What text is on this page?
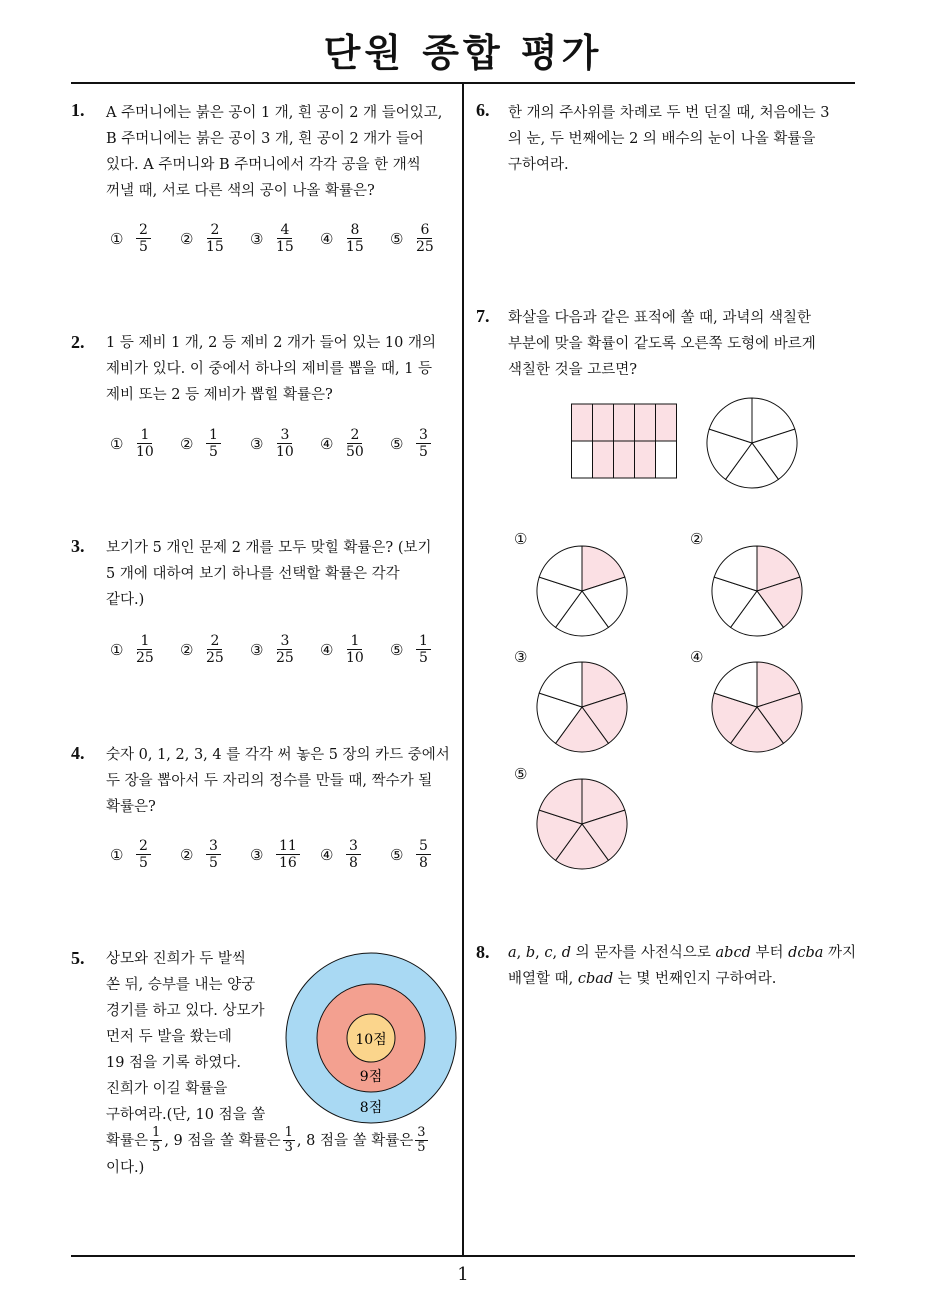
단원 종합 평가
1
1. A 주머니에는 붉은 공이 1 개, 흰 공이 2 개 들어있고,
B 주머니에는 붉은 공이 3 개, 흰 공이 2 개가 들어
있다. A 주머니와 B 주머니에서 각각 공을 한 개씩
꺼낼 때, 서로 다른 색의 공이 나올 확률은?
① $\frac{2}{5}$ ② $\frac{2}{15}$ ③ $\frac{4}{15}$ ④ $\frac{8}{15}$ ⑤ $\frac{6}{25}$
2. 1 등 제비 1 개, 2 등 제비 2 개가 들어 있는 10 개의
제비가 있다. 이 중에서 하나의 제비를 뽑을 때, 1 등
제비 또는 2 등 제비가 뽑힐 확률은?
① $\frac{1}{10}$ ② $\frac{1}{5}$ ③ $\frac{3}{10}$ ④ $\frac{2}{50}$ ⑤ $\frac{3}{5}$
3. 보기가 5 개인 문제 2 개를 모두 맞힐 확률은? (보기
5 개에 대하여 보기 하나를 선택할 확률은 각각
같다.)
① $\frac{1}{25}$ ② $\frac{2}{25}$ ③ $\frac{3}{25}$ ④ $\frac{1}{10}$ ⑤ $\frac{1}{5}$
4. 숫자 0, 1, 2, 3, 4 를 각각 써 놓은 5 장의 카드 중에서
두 장을 뽑아서 두 자리의 정수를 만들 때, 짝수가 될
확률은?
① $\frac{2}{5}$ ② $\frac{3}{5}$ ③ $\frac{11}{16}$ ④ $\frac{3}{8}$ ⑤ $\frac{5}{8}$
5. 상모와 진희가 두 발씩
쏜 뒤, 승부를 내는 양궁
경기를 하고 있다. 상모가
먼저 두 발을 쐈는데
19 점을 기록 하였다.
진희가 이길 확률을
구하여라.(단, 10 점을 쏠
확률은 $\frac{1}{5}$ , 9 점을 쏠 확률은 $\frac{1}{3}$ , 8 점을 쏠 확률은 $\frac{3}{5}$
이다.)
10점
9점
8점
6. 한 개의 주사위를 차례로 두 번 던질 때, 처음에는 3
의 눈, 두 번째에는 2 의 배수의 눈이 나올 확률을
구하여라.
7. 화살을 다음과 같은 표적에 쏠 때, 과녁의 색칠한
부분에 맞을 확률이 같도록 오른쪽 도형에 바르게
색칠한 것을 고르면?
①	②
③	④
⑤
8. a, b, c, d 의 문자를 사전식으로 abcd 부터 dcba 까지
배열할 때, cbad 는 몇 번째인지 구하여라.
